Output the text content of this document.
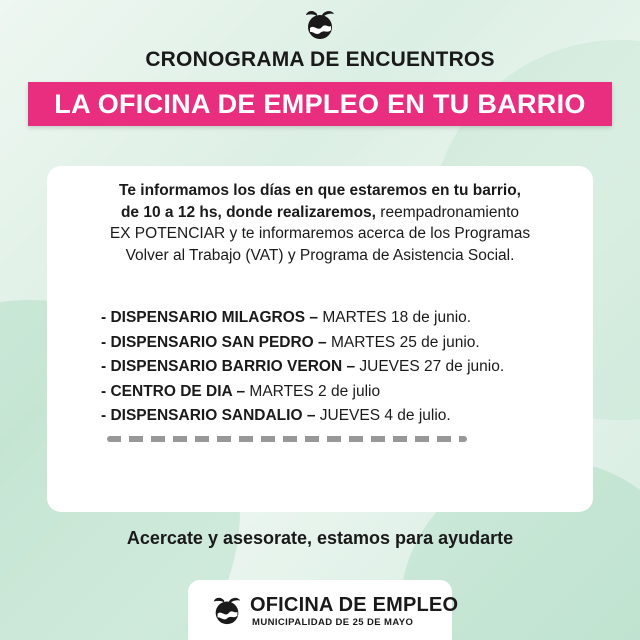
CRONOGRAMA DE ENCUENTROS
LA OFICINA DE EMPLEO EN TU BARRIO
Te informamos los días en que estaremos en tu barrio,
de 10 a 12 hs, donde realizaremos, reempadronamiento
EX POTENCIAR y te informaremos acerca de los Programas
Volver al Trabajo (VAT) y Programa de Asistencia Social.
- DISPENSARIO MILAGROS – MARTES 18 de junio.
- DISPENSARIO SAN PEDRO – MARTES 25 de junio.
- DISPENSARIO BARRIO VERON – JUEVES 27 de junio.
- CENTRO DE DIA – MARTES 2 de julio
- DISPENSARIO SANDALIO – JUEVES 4 de julio.
Acercate y asesorate, estamos para ayudarte
OFICINA DE EMPLEO
MUNICIPALIDAD DE 25 DE MAYO
